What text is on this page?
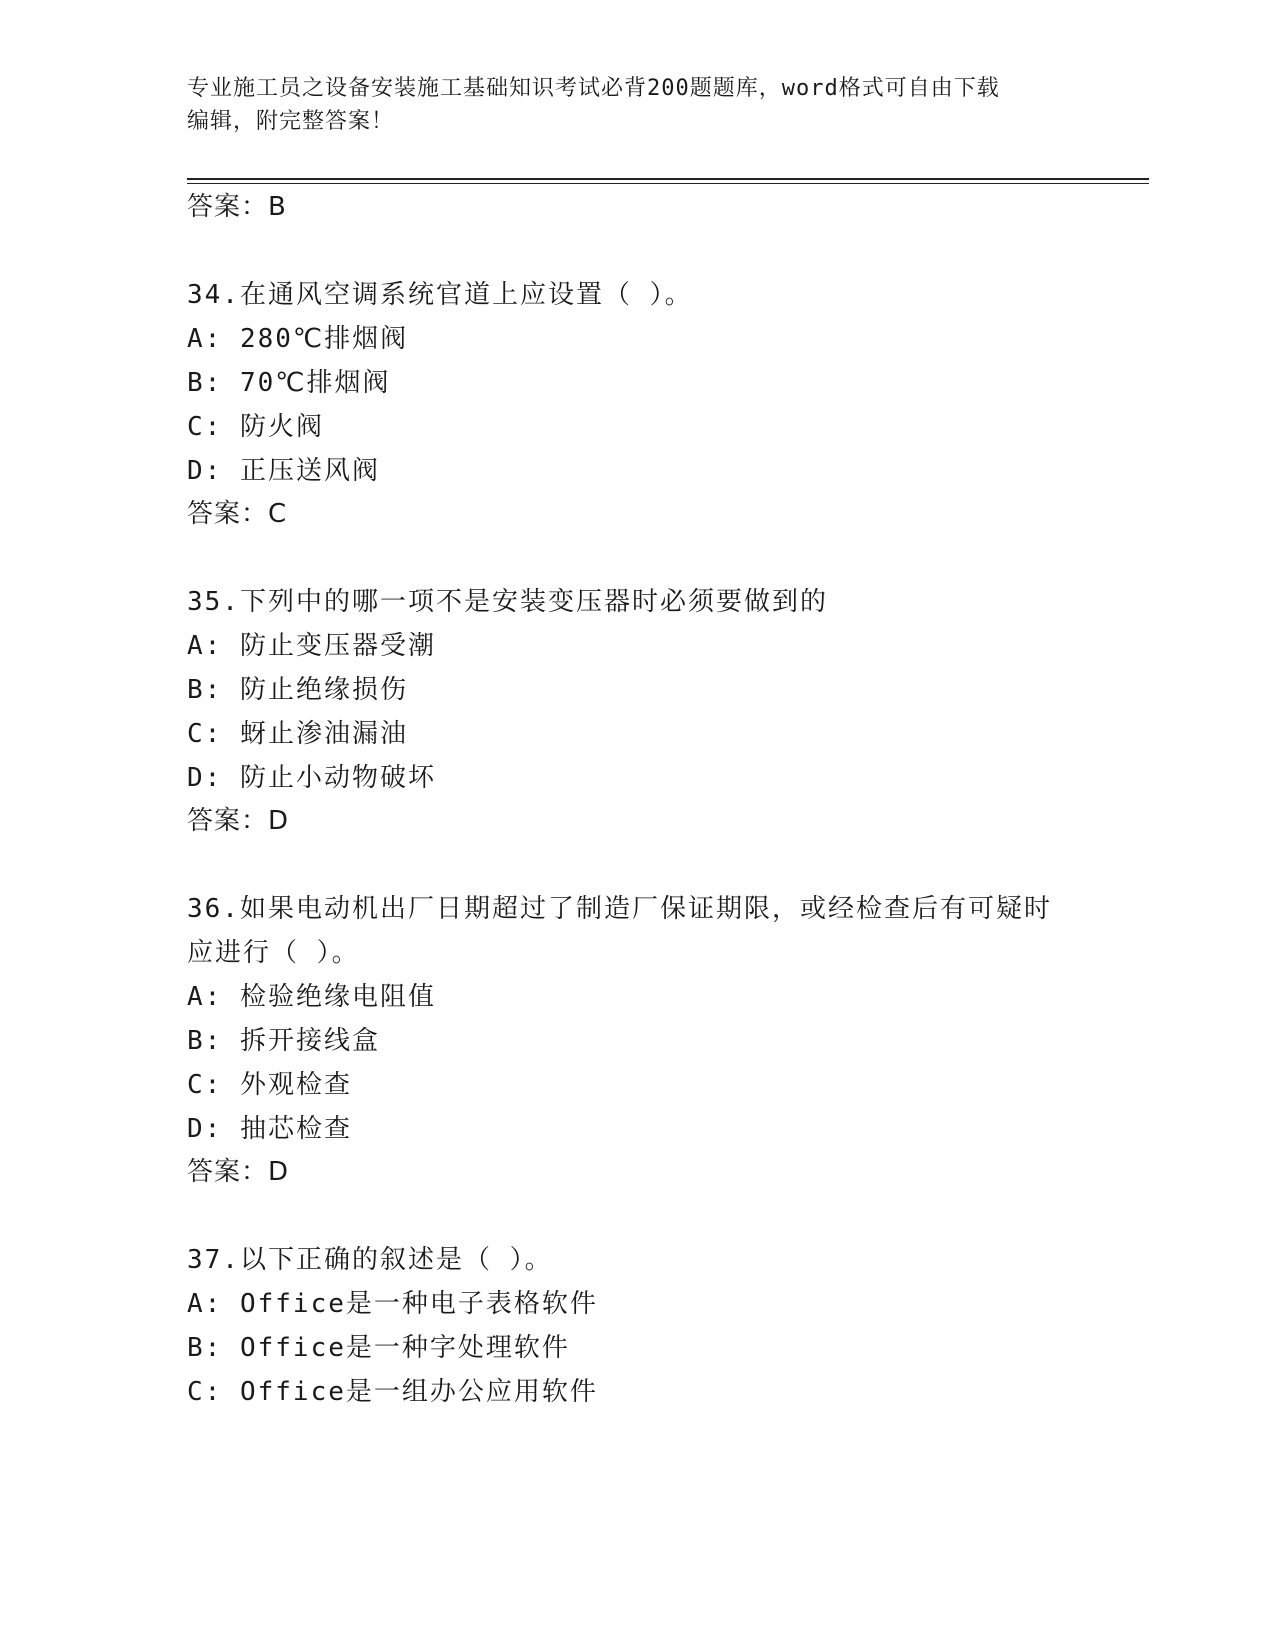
专业施工员之设备安装施工基础知识考试必背200题题库，word格式可自由下载
编辑，附完整答案！
答案：B
34.在通风空调系统官道上应设置（ ）。
A: 280℃排烟阀
B: 70℃排烟阀
C: 防火阀
D: 正压送风阀
答案：C
35.下列中的哪一项不是安装变压器时必须要做到的
A: 防止变压器受潮
B: 防止绝缘损伤
C: 蚜止渗油漏油
D: 防止小动物破坏
答案：D
36.如果电动机出厂日期超过了制造厂保证期限，或经检查后有可疑时
应进行（ ）。
A: 检验绝缘电阻值
B: 拆开接线盒
C: 外观检查
D: 抽芯检查
答案：D
37.以下正确的叙述是（ ）。
A: Office是一种电子表格软件
B: Office是一种字处理软件
C: Office是一组办公应用软件
